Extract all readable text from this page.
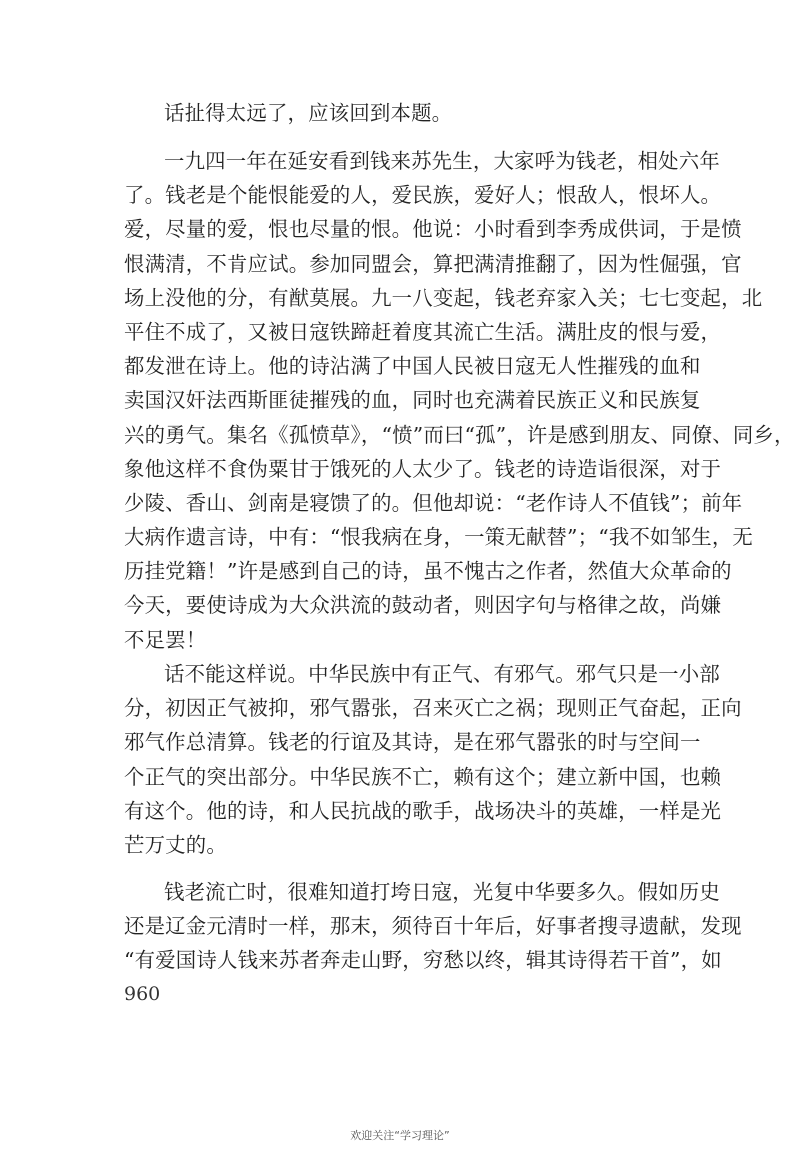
话扯得太远了，应该回到本题。
一九四一年在延安看到钱来苏先生，大家呼为钱老，相处六年
了。钱老是个能恨能爱的人，爱民族，爱好人；恨敌人，恨坏人。
爱，尽量的爱，恨也尽量的恨。他说：小时看到李秀成供词，于是愤
恨满清，不肯应试。参加同盟会，算把满清推翻了，因为性倔强，官
场上没他的分，有猷莫展。九一八变起，钱老弃家入关；七七变起，北
平住不成了，又被日寇铁蹄赶着度其流亡生活。满肚皮的恨与爱，
都发泄在诗上。他的诗沾满了中国人民被日寇无人性摧残的血和
卖国汉奸法西斯匪徒摧残的血，同时也充满着民族正义和民族复
兴的勇气。集名《孤愤草》，“愤”而曰“孤”，许是感到朋友、同僚、同乡，
象他这样不食伪粟甘于饿死的人太少了。钱老的诗造诣很深，对于
少陵、香山、剑南是寝馈了的。但他却说：“老作诗人不值钱”；前年
大病作遗言诗，中有：“恨我病在身，一策无献替”；“我不如邹生，无
历挂党籍！”许是感到自己的诗，虽不愧古之作者，然值大众革命的
今天，要使诗成为大众洪流的鼓动者，则因字句与格律之故，尚嫌
不足罢！
话不能这样说。中华民族中有正气、有邪气。邪气只是一小部
分，初因正气被抑，邪气嚣张，召来灭亡之祸；现则正气奋起，正向
邪气作总清算。钱老的行谊及其诗，是在邪气嚣张的时与空间一
个正气的突出部分。中华民族不亡，赖有这个；建立新中国，也赖
有这个。他的诗，和人民抗战的歌手，战场决斗的英雄，一样是光
芒万丈的。
钱老流亡时，很难知道打垮日寇，光复中华要多久。假如历史
还是辽金元清时一样，那末，须待百十年后，好事者搜寻遗献，发现
“有爱国诗人钱来苏者奔走山野，穷愁以终，辑其诗得若干首”，如
960
欢迎关注“学习理论”
